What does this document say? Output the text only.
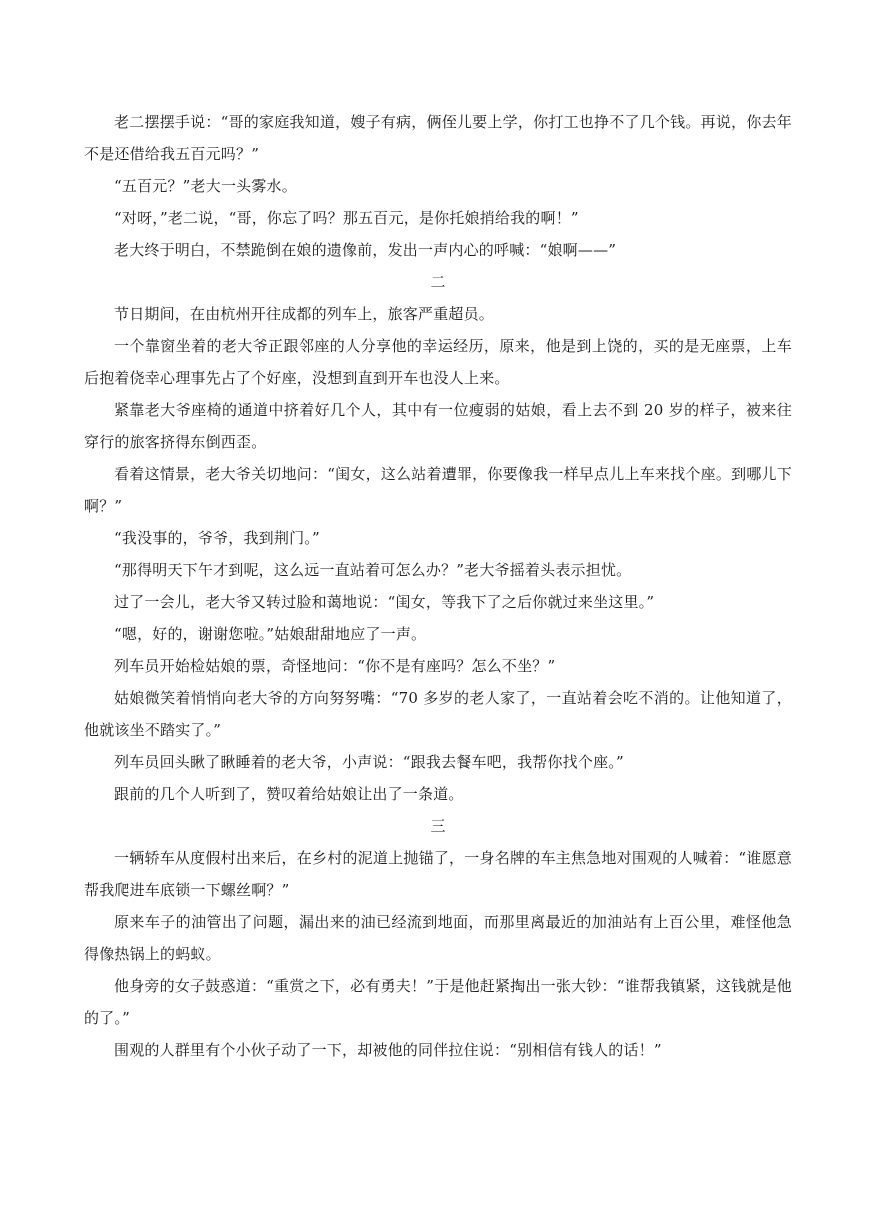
老二摆摆手说：“哥的家庭我知道，嫂子有病，俩侄儿要上学，你打工也挣不了几个钱。再说，你去年不是还借给我五百元吗？”

“五百元？”老大一头雾水。

“对呀，”老二说，“哥，你忘了吗？那五百元，是你托娘捎给我的啊！”

老大终于明白，不禁跪倒在娘的遗像前，发出一声内心的呼喊：“娘啊——”

二

节日期间，在由杭州开往成都的列车上，旅客严重超员。

一个靠窗坐着的老大爷正跟邻座的人分享他的幸运经历，原来，他是到上饶的，买的是无座票，上车后抱着侥幸心理事先占了个好座，没想到直到开车也没人上来。

紧靠老大爷座椅的通道中挤着好几个人，其中有一位瘦弱的姑娘，看上去不到 20 岁的样子，被来往穿行的旅客挤得东倒西歪。

看着这情景，老大爷关切地问：“闺女，这么站着遭罪，你要像我一样早点儿上车来找个座。到哪儿下啊？”

“我没事的，爷爷，我到荆门。”

“那得明天下午才到呢，这么远一直站着可怎么办？”老大爷摇着头表示担忧。

过了一会儿，老大爷又转过脸和蔼地说：“闺女，等我下了之后你就过来坐这里。”

“嗯，好的，谢谢您啦。”姑娘甜甜地应了一声。

列车员开始检姑娘的票，奇怪地问：“你不是有座吗？怎么不坐？”

姑娘微笑着悄悄向老大爷的方向努努嘴：“70 多岁的老人家了，一直站着会吃不消的。让他知道了，他就该坐不踏实了。”

列车员回头瞅了瞅睡着的老大爷，小声说：“跟我去餐车吧，我帮你找个座。”

跟前的几个人听到了，赞叹着给姑娘让出了一条道。

三

一辆轿车从度假村出来后，在乡村的泥道上抛锚了，一身名牌的车主焦急地对围观的人喊着：“谁愿意帮我爬进车底锁一下螺丝啊？”

原来车子的油管出了问题，漏出来的油已经流到地面，而那里离最近的加油站有上百公里，难怪他急得像热锅上的蚂蚁。

他身旁的女子鼓惑道：“重赏之下，必有勇夫！”于是他赶紧掏出一张大钞：“谁帮我镇紧，这钱就是他的了。”

围观的人群里有个小伙子动了一下，却被他的同伴拉住说：“别相信有钱人的话！”
